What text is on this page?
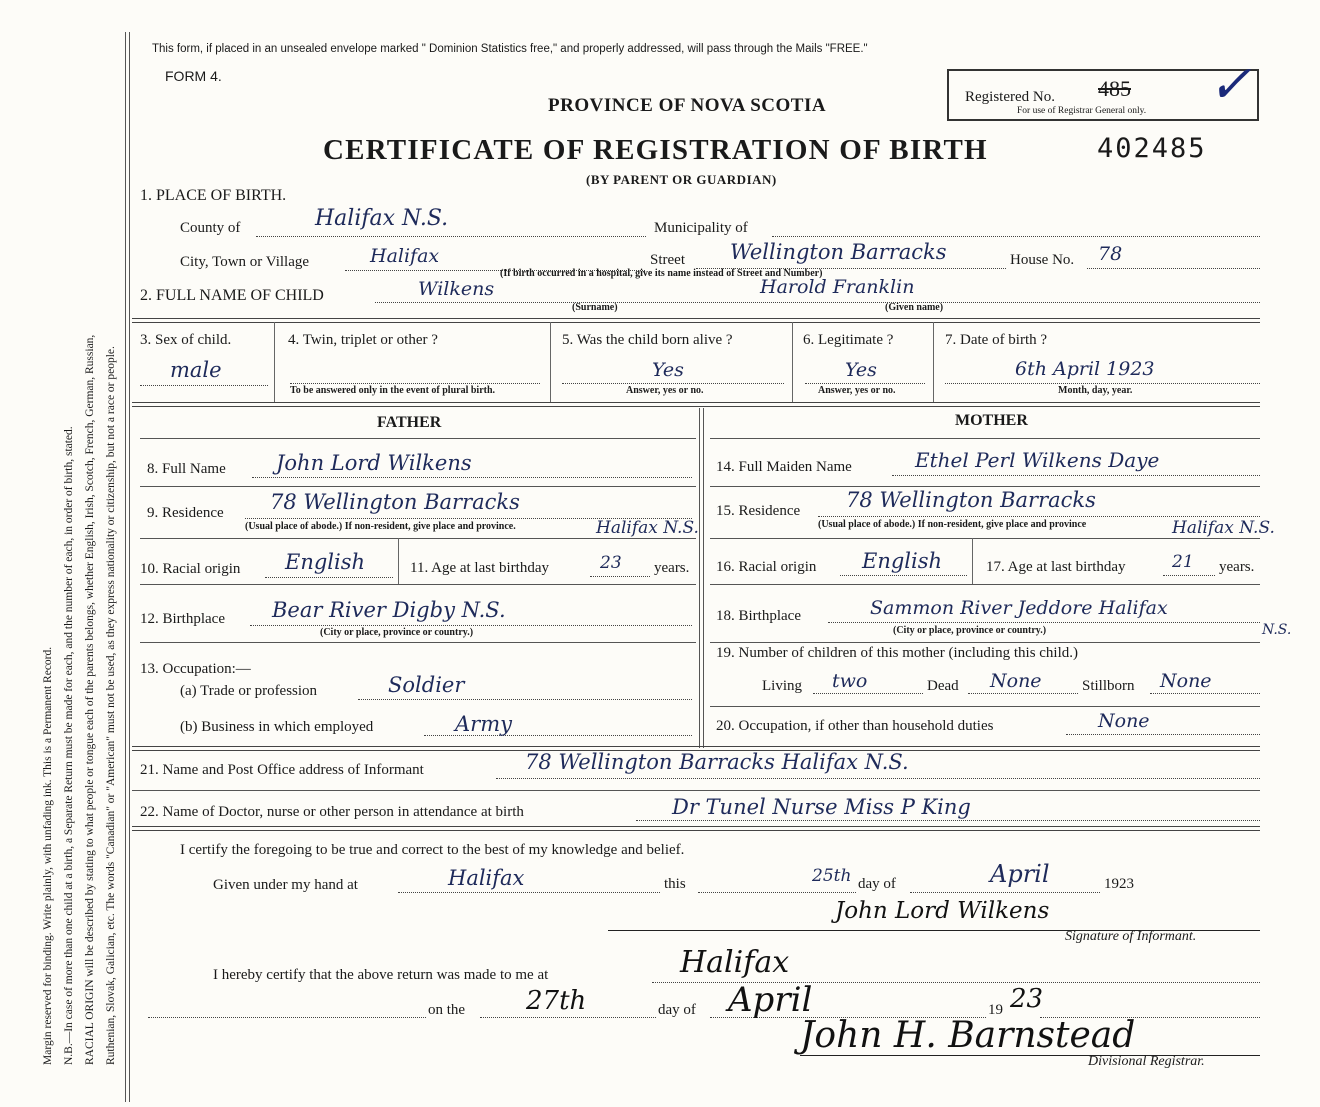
Margin reserved for binding. Write plainly, with unfading ink. This is a Permanent Record. N.B.—In case of more than one child at a birth, a Separate Return must be made for each, and the number of each, in order of birth, stated. RACIAL ORIGIN will be described by stating to what people or tongue each of the parents belongs, whether English, Irish, Scotch, French, German, Russian, Ruthenian, Slovak, Galician, etc. The words "Canadian" or "American" must not be used, as they express nationality or citizenship, but not a race or people.
This form, if placed in an unsealed envelope marked " Dominion Statistics free," and properly addressed, will pass through the Mails "FREE."
FORM 4.
PROVINCE OF NOVA SCOTIA	Registered No. 485
For use of Registrar General only. ✓
CERTIFICATE OF REGISTRATION OF BIRTH	402485
(BY PARENT OR GUARDIAN)
1. PLACE OF BIRTH.
County of	Halifax N.S.	Municipality of
City, Town or Village	Halifax	Street Wellington Barracks	House No. 78
(If birth occurred in a hospital, give its name instead of Street and Number)
2. FULL NAME OF CHILD	Wilkens	Harold Franklin
(Surname)	(Given name)
3. Sex of child.
male
4. Twin, triplet or other ?
To be answered only in the event of plural birth.
5. Was the child born alive ?
Yes
Answer, yes or no.
6. Legitimate ?
Yes
Answer, yes or no.
7. Date of birth ?
6th April 1923
Month, day, year.
FATHER	MOTHER
8. Full Name John Lord Wilkens
9. Residence 78 Wellington Barracks
(Usual place of abode.) If non-resident, give place and province.	Halifax N.S.
10. Racial origin English	11. Age at last birthday	23 years.
12. Birthplace Bear River Digby N.S.
(City or place, province or country.)
13. Occupation:—
(a) Trade or profession	Soldier
(b) Business in which employed	Army
14. Full Maiden Name	Ethel Perl Wilkens Daye
15. Residence 78 Wellington Barracks
(Usual place of abode.) If non-resident, give place and province	Halifax N.S.
16. Racial origin English	17. Age at last birthday	21 years.
18. Birthplace	Sammon River Jeddore Halifax
N.S.
(City or place, province or country.)
19. Number of children of this mother (including this child.)
Living two	Dead None	Stillborn None
20. Occupation, if other than household duties	None
21. Name and Post Office address of Informant	78 Wellington Barracks Halifax N.S.
22. Name of Doctor, nurse or other person in attendance at birth	Dr Tunel Nurse Miss P King
I certify the foregoing to be true and correct to the best of my knowledge and belief.
Given under my hand at	Halifax	this	25th day of	April	1923
John Lord Wilkens
Signature of Informant.
I hereby certify that the above return was made to me at	Halifax
on the 27th	day of April	19 23
John H. Barnstead
Divisional Registrar.
